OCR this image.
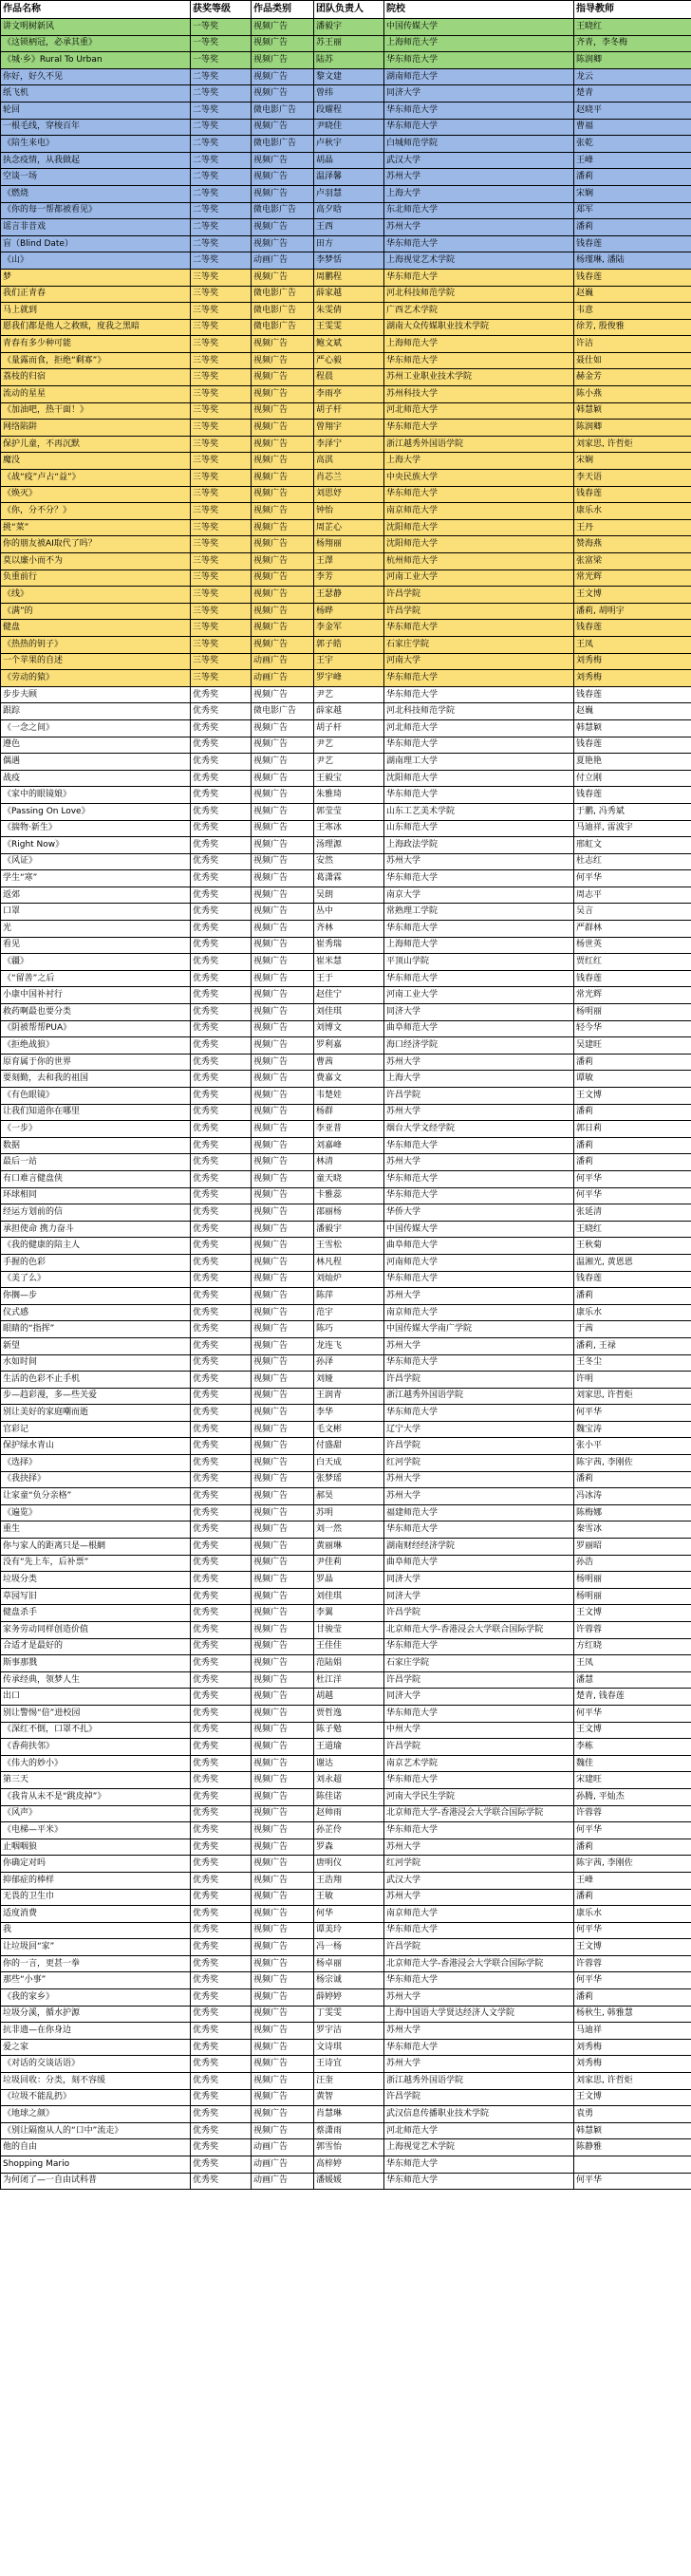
作品名称	获奖等级	作品类别	团队负责人	院校	指导教师
讲文明树新风	一等奖	视频广告	潘毅宇	中国传媒大学	王晓红
《这锁柄冠，必承其重》	一等奖	视频广告	苏王丽	上海师范大学	齐青，李冬梅
《城·乡》Rural To Urban	一等奖	视频广告	陆苏	华东师范大学	陈润卿
你好，好久不见	二等奖	视频广告	黎文建	湖南师范大学	龙云
纸飞机	二等奖	视频广告	曾纬	同济大学	楚青
轮回	二等奖	微电影广告	段耀程	华东师范大学	赵晓平
一根毛线，穿梭百年	二等奖	视频广告	尹晓佳	华东师范大学	曹福
《陪生来电》	二等奖	微电影广告	卢秋宇	白城师范学院	张乾
执念疫情，从我做起	二等奖	视频广告	胡晶	武汉大学	王峰
空谈一场	二等奖	视频广告	温泽馨	苏州大学	潘莉
《燃烧	二等奖	视频广告	卢羽慧	上海大学	宋娴
《你的每一帮都被看见》	二等奖	微电影广告	高夕晗	东北师范大学	郑军
谣言非昔戏	二等奖	视频广告	王西	苏州大学	潘莉
盲（Blind Date）	二等奖	视频广告	田方	华东师范大学	钱春莲
《山》	二等奖	动画广告	李梦恬	上海视觉艺术学院	杨瑾琳, 潘陆
梦	三等奖	视频广告	周鹏程	华东师范大学	钱春莲
我们正青春	三等奖	微电影广告	薛家越	河北科技师范学院	赵巍
马上就到	三等奖	微电影广告	朱雯倩	广西艺术学院	韦意
愿我们都是他人之救赎，度我之黑暗	三等奖	微电影广告	王雯雯	湖南大众传媒职业技术学院	徐芳, 殷俊雅
青春有多少种可能	三等奖	视频广告	鲍文斌	上海师范大学	许洁
《量露而食，拒绝“剩寡”》	三等奖	视频广告	严心毅	华东师范大学	聂仕如
荔枝的归宿	三等奖	视频广告	程晨	苏州工业职业技术学院	赫金芳
流动的星星	三等奖	视频广告	李雨亭	苏州科技大学	陈小燕
《加油吧，热干面！》	三等奖	视频广告	胡子杆	河北师范大学	韩慧颖
网络陷阱	三等奖	视频广告	曾翔宇	华东师范大学	陈润卿
保护儿童，不再沉默	三等奖	视频广告	李泽宁	浙江越秀外国语学院	刘家思, 许哲炬
魔没	三等奖	视频广告	高淇	上海大学	宋娴
《战“疫”卢占“益”》	三等奖	视频广告	肖芯兰	中央民族大学	李天语
《焕灭》	三等奖	视频广告	刘思妤	华东师范大学	钱春莲
《你，分不分？》	三等奖	视频广告	钟怡	南京师范大学	康乐水
挑“菜”	三等奖	视频广告	周芷心	沈阳师范大学	王丹
你的朋友被AI取代了吗？	三等奖	视频广告	杨翔丽	沈阳师范大学	赞海燕
莫以廉小而不为	三等奖	视频广告	王澤	杭州师范大学	张富梁
负重前行	三等奖	视频广告	李芳	河南工业大学	常光辉
《线》	三等奖	视频广告	王瑟静	许昌学院	王文博
《满”的	三等奖	视频广告	杨晔	许昌学院	潘莉, 胡明宇
健盘	三等奖	视频广告	李金军	华东师范大学	钱春莲
《热热的钥子》	三等奖	视频广告	郭子皓	石家庄学院	王凤
一个苹果的自述	三等奖	动画广告	王宇	河南大学	刘秀梅
《劳动的猿》	三等奖	动画广告	罗宇峰	华东师范大学	刘秀梅
步步夫顾	优秀奖	视频广告	尹艺	华东师范大学	钱春莲
跟踪	优秀奖	微电影广告	薛家越	河北科技师范学院	赵巍
《一念之间》	优秀奖	视频广告	胡子杆	河北师范大学	韩慧颖
遵色	优秀奖	视频广告	尹艺	华东师范大学	钱春莲
偶遇	优秀奖	视频广告	尹艺	湖南理工大学	夏艳艳
战疫	优秀奖	视频广告	王毅宝	沈阳师范大学	付立刚
《家中的眼镜娘》	优秀奖	视频广告	朱雅琦	华东师范大学	钱春莲
《Passing On Love》	优秀奖	视频广告	郭莹莹	山东工艺美术学院	于鹏, 冯秀斌
《揣物·新生》	优秀奖	视频广告	王寒冰	山东师范大学	马迪祥, 雷波宇
《Right Now》	优秀奖	视频广告	汤理源	上海政法学院	邢虹文
《风证》	优秀奖	视频广告	安然	苏州大学	杜志红
学生“寒”	优秀奖	视频广告	葛潇霖	华东师范大学	何平华
返郊	优秀奖	视频广告	吴朗	南京大学	周志平
口罩	优秀奖	视频广告	丛中	常熟理工学院	吴言
光	优秀奖	视频广告	齐林	华东师范大学	严群林
看见	优秀奖	视频广告	崔秀瑞	上海师范大学	杨世英
《疆》	优秀奖	视频广告	崔米慧	平顶山学院	贾红红
《“留善”之后	优秀奖	视频广告	王于	华东师范大学	钱春莲
小康中国补衬行	优秀奖	视频广告	赵佳宁	河南工业大学	常光辉
救药啊最也要分类	优秀奖	视频广告	刘佳琪	同济大学	杨明丽
《阴被帮帮PUA》	优秀奖	视频广告	刘博文	曲阜师范大学	轻今华
《拒绝战狼》	优秀奖	视频广告	罗利嘉	海口经济学院	吴建旺
原育属于你的世界	优秀奖	视频广告	曹茜	苏州大学	潘莉
要刻勤，去和我的祖国	优秀奖	视频广告	费嘉文	上海大学	谭敏
《有色眼镜》	优秀奖	视频广告	韦楚娃	许昌学院	王文博
让我们知道你在哪里	优秀奖	视频广告	杨群	苏州大学	潘莉
《一步》	优秀奖	视频广告	李亚普	烟台大学文经学院	郭日莉
数据	优秀奖	视频广告	刘嘉峰	华东师范大学	潘莉
最后一站	优秀奖	视频广告	林清	苏州大学	潘莉
有口难言健盘侠	优秀奖	视频广告	童天晓	华东师范大学	何平华
环球相同	优秀奖	视频广告	卡雅蕊	华东师范大学	何平华
经运方划前的信	优秀奖	视频广告	邵丽杨	华侨大学	张延清
承担使命 携力奋斗	优秀奖	视频广告	潘毅宇	中国传媒大学	王晓红
《我的健康的陪主人	优秀奖	视频广告	王雪松	曲阜师范大学	王秋菊
手握的色彩	优秀奖	视频广告	林凡程	河南师范大学	温湘光, 黄恩恩
《美了么》	优秀奖	视频广告	刘灿炉	华东师范大学	钱春莲
你搁—步	优秀奖	视频广告	陈萍	苏州大学	潘莉
仪式感	优秀奖	视频广告	范宇	南京师范大学	康乐水
眼睛的“指挥”	优秀奖	视频广告	陈巧	中国传媒大学南广学院	于茜
新望	优秀奖	视频广告	龙连飞	苏州大学	潘莉, 王禄
水如时间	优秀奖	视频广告	孙泽	华东师范大学	王冬尘
生活的色彩不止手机	优秀奖	视频广告	刘娅	许昌学院	许明
步—趋彩漫，多—些关爱	优秀奖	视频广告	王润青	浙江越秀外国语学院	刘家思, 许哲炬
别让美好的家庭嘲而逝	优秀奖	视频广告	李华	华东师范大学	何平华
官彩记	优秀奖	视频广告	毛文彬	辽宁大学	魏宝涛
保护绿水青山	优秀奖	视频广告	付盛甜	许昌学院	张小平
《选择》	优秀奖	视频广告	白天成	红河学院	陈宇茜, 李刚佐
《我抉择》	优秀奖	视频广告	张梦瑶	苏州大学	潘莉
让家童“负分亲格”	优秀奖	视频广告	郝昊	苏州大学	冯冰涛
《遍览》	优秀奖	视频广告	苏明	福建师范大学	陈梅娜
重生	优秀奖	视频广告	刘一然	华东师范大学	秦雪冰
你与家人的距离只是—根網	优秀奖	视频广告	黄丽琳	湖南财经经济学院	罗丽昭
没有“先上车，后补票”	优秀奖	视频广告	尹佳莉	曲阜师范大学	孙浩
垃圾分类	优秀奖	视频广告	罗晶	同济大学	杨明丽
草园写旧	优秀奖	视频广告	刘佳琪	同济大学	杨明丽
健盘杀手	优秀奖	视频广告	李翼	许昌学院	王文博
家务劳动同样创造价值	优秀奖	视频广告	甘骏莹	北京师范大学-香港浸会大学联合国际学院	许蓉蓉
合适才是最好的	优秀奖	视频广告	王佳佳	华东师范大学	方红晓
斯事那戮	优秀奖	视频广告	范陆娟	石家庄学院	王凤
传承经典，领梦人生	优秀奖	视频广告	杜江洋	许昌学院	潘慧
出口	优秀奖	视频广告	胡越	同济大学	楚青, 钱春莲
别让警惕“倍”进校园	优秀奖	视频广告	贾哲逸	华东师范大学	何平华
《深红不倒，口罩不扎》	优秀奖	视频广告	陈子勉	中州大学	王文博
《香荷扶邻》	优秀奖	视频广告	王道瑜	许昌学院	李栋
《伟大的妙小》	优秀奖	视频广告	谢达	南京艺术学院	魏佳
第三天	优秀奖	视频广告	刘永超	华东师范大学	宋建旺
《我肯从未不是“跳皮掉”》	优秀奖	视频广告	陈佳诺	河南大学民生学院	孙腾, 平灿杰
《风声》	优秀奖	视频广告	赵帅雨	北京师范大学-香港浸会大学联合国际学院	许蓉蓉
《电梯—平米》	优秀奖	视频广告	孙芷伶	华东师范大学	何平华
止咽咽狼	优秀奖	视频广告	罗森	苏州大学	潘莉
你确定对吗	优秀奖	视频广告	唐明仪	红河学院	陈宇茜, 李刚佐
抑郁症的棒样	优秀奖	视频广告	王浩翔	武汉大学	王峰
无畏的卫生巾	优秀奖	视频广告	王敏	苏州大学	潘莉
适度消费	优秀奖	视频广告	何华	南京师范大学	康乐水
我	优秀奖	视频广告	谭美玲	华东师范大学	何平华
让垃圾回“家”	优秀奖	视频广告	冯一杨	许昌学院	王文博
你的一言，更甚一拳	优秀奖	视频广告	杨卓丽	北京师范大学-香港浸会大学联合国际学院	许蓉蓉
那些“小事”	优秀奖	视频广告	杨宗诚	华东师范大学	何平华
《我的家乡》	优秀奖	视频广告	薛婷婷	苏州大学	潘莉
垃圾分溪，循水护源	优秀奖	视频广告	丁雯雯	上海中国语大学贤达经济人文学院	杨秋生, 韩雅慧
抗非遗—在你身边	优秀奖	视频广告	罗宇洁	苏州大学	马迪祥
爱之家	优秀奖	视频广告	文诗琪	华东师范大学	刘秀梅
《对话的交谈话语》	优秀奖	视频广告	王诗宜	苏州大学	刘秀梅
垃圾回收：分类，刻不容缓	优秀奖	视频广告	汪奎	浙江越秀外国语学院	刘家思, 许哲炬
《垃圾不能乱扔》	优秀奖	视频广告	黄智	许昌学院	王文博
《地球之颜》	优秀奖	视频广告	肖慧琳	武汉信息传播职业技术学院	袁勇
《别让隔窗从人的“口中”流走》	优秀奖	视频广告	蔡潇雨	河北师范大学	韩慧颖
他的自由	优秀奖	动画广告	郭雪怡	上海视觉艺术学院	陈静雅
Shopping Mario	优秀奖	动画广告	高梓婷	华东师范大学	
为何闭了—一自由试科普	优秀奖	动画广告	潘媛媛	华东师范大学	何平华
